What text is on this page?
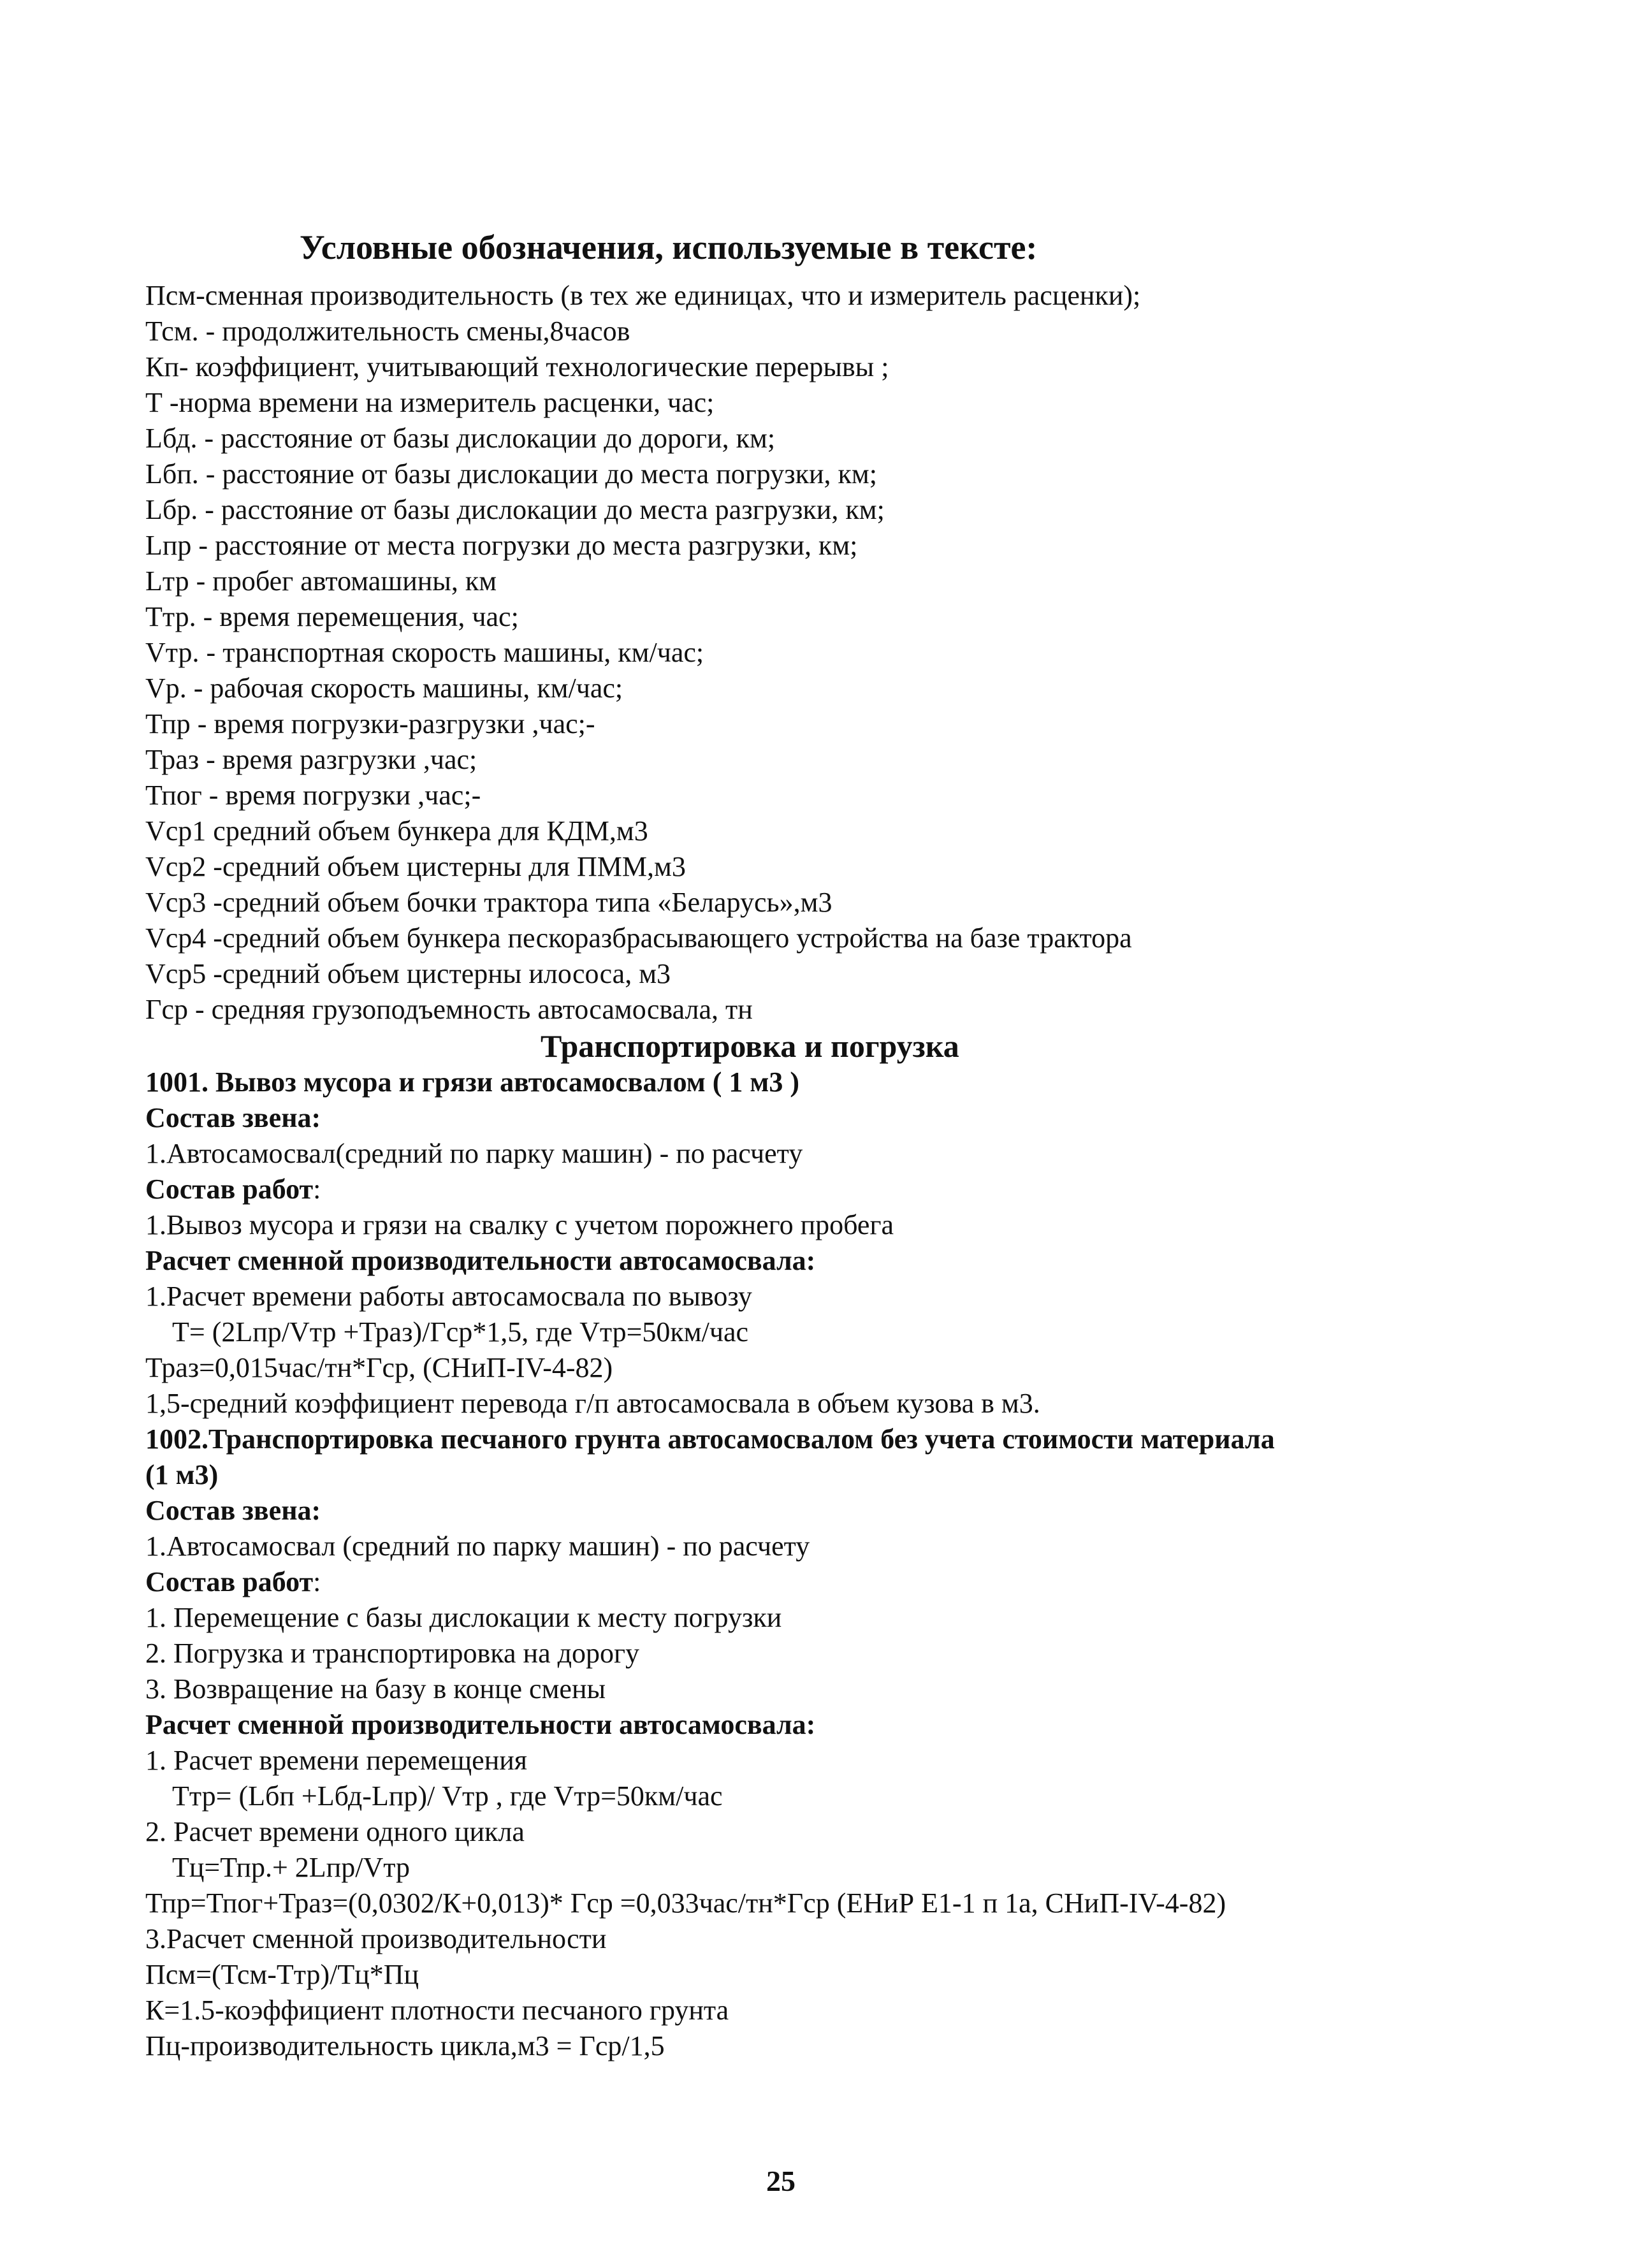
Условные обозначения, используемые в тексте:
Псм-сменная производительность (в тех же единицах, что и измеритель расценки);
Тсм. - продолжительность смены,8часов
Кп- коэффициент, учитывающий технологические перерывы ;
Т -норма времени на измеритель расценки, час;
Lбд. - расстояние от базы дислокации до дороги, км;
Lбп. - расстояние от базы дислокации до места погрузки, км;
Lбр. - расстояние от базы дислокации до места разгрузки, км;
Lпр - расстояние от места погрузки до места разгрузки, км;
Lтр - пробег автомашины, км
Ттр. - время перемещения, час;
Vтр. - транспортная скорость машины, км/час;
Vр. - рабочая скорость машины, км/час;
Тпр - время погрузки-разгрузки ,час;-
Траз - время разгрузки ,час;
Тпог - время погрузки ,час;-
Vср1 средний объем бункера для КДМ,м3
Vср2 -средний объем цистерны для ПММ,м3
Vср3 -средний объем бочки трактора типа «Беларусь»,м3
Vср4 -средний объем бункера пескоразбрасывающего устройства на базе трактора
Vср5 -средний объем цистерны илососа, м3
Гср - средняя грузоподъемность автосамосвала, тн
Транспортировка и погрузка
1001. Вывоз мусора и грязи автосамосвалом ( 1 м3 )
Состав звена:
1.Автосамосвал(средний по парку машин) - по расчету
Состав работ:
1.Вывоз мусора и грязи на свалку с учетом порожнего пробега
Расчет сменной производительности автосамосвала:
1.Расчет времени работы автосамосвала по вывозу
Т= (2Lпр/Vтр +Траз)/Гср*1,5, где Vтр=50км/час
Траз=0,015час/тн*Гср, (СНиП-IV-4-82)
1,5-средний коэффициент перевода г/п автосамосвала в объем кузова в м3.
1002.Транспортировка песчаного грунта автосамосвалом без учета стоимости материала
(1 м3)
Состав звена:
1.Автосамосвал (средний по парку машин) - по расчету
Состав работ:
1. Перемещение с базы дислокации к месту погрузки
2. Погрузка и транспортировка на дорогу
3. Возвращение на базу в конце смены
Расчет сменной производительности автосамосвала:
1. Расчет времени перемещения
Ттр= (Lбп +Lбд-Lпр)/ Vтр , где Vтр=50км/час
2. Расчет времени одного цикла
Тц=Тпр.+ 2Lпр/Vтр
Тпр=Тпог+Траз=(0,0302/К+0,013)* Гср =0,033час/тн*Гср (ЕНиР Е1-1 п 1а, СНиП-IV-4-82)
3.Расчет сменной производительности
Псм=(Тсм-Ттр)/Тц*Пц
К=1.5-коэффициент плотности песчаного грунта
Пц-производительность цикла,м3 = Гср/1,5
25
